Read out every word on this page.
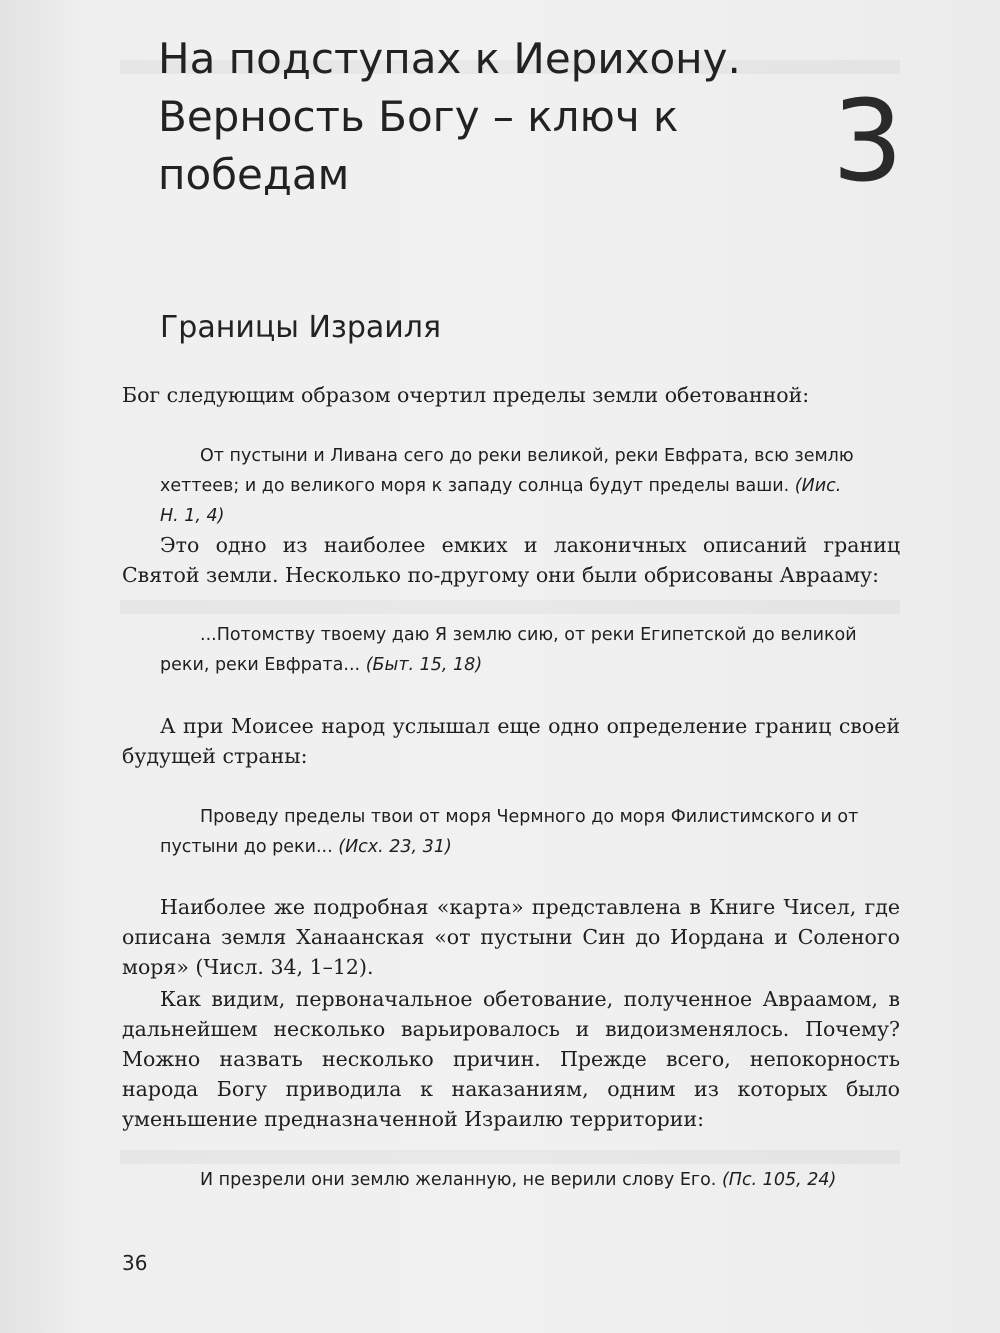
На подступах к Иерихону. Верность Богу – ключ к победам	3
Границы Израиля

Бог следующим образом очертил пределы земли обетованной:

От пустыни и Ливана сего до реки великой, реки Евфрата, всю землю хеттеев; и до великого моря к западу солнца будут пределы ваши. (Иис. Н. 1, 4)

Это одно из наиболее емких и лаконичных описаний границ Святой земли. Несколько по-другому они были обрисованы Аврааму:

...Потомству твоему даю Я землю сию, от реки Египетской до великой реки, реки Евфрата... (Быт. 15, 18)

А при Моисее народ услышал еще одно определение границ своей будущей страны:

Проведу пределы твои от моря Чермного до моря Филистимского и от пустыни до реки... (Исх. 23, 31)

Наиболее же подробная «карта» представлена в Книге Чисел, где описана земля Ханаанская «от пустыни Син до Иордана и Соленого моря» (Числ. 34, 1–12).

Как видим, первоначальное обетование, полученное Авраамом, в дальнейшем несколько варьировалось и видоизменялось. Почему? Можно назвать несколько причин. Прежде всего, непокорность народа Богу приводила к наказаниям, одним из которых было уменьшение предназначенной Израилю территории:

И презрели они землю желанную, не верили слову Его. (Пс. 105, 24)
36
